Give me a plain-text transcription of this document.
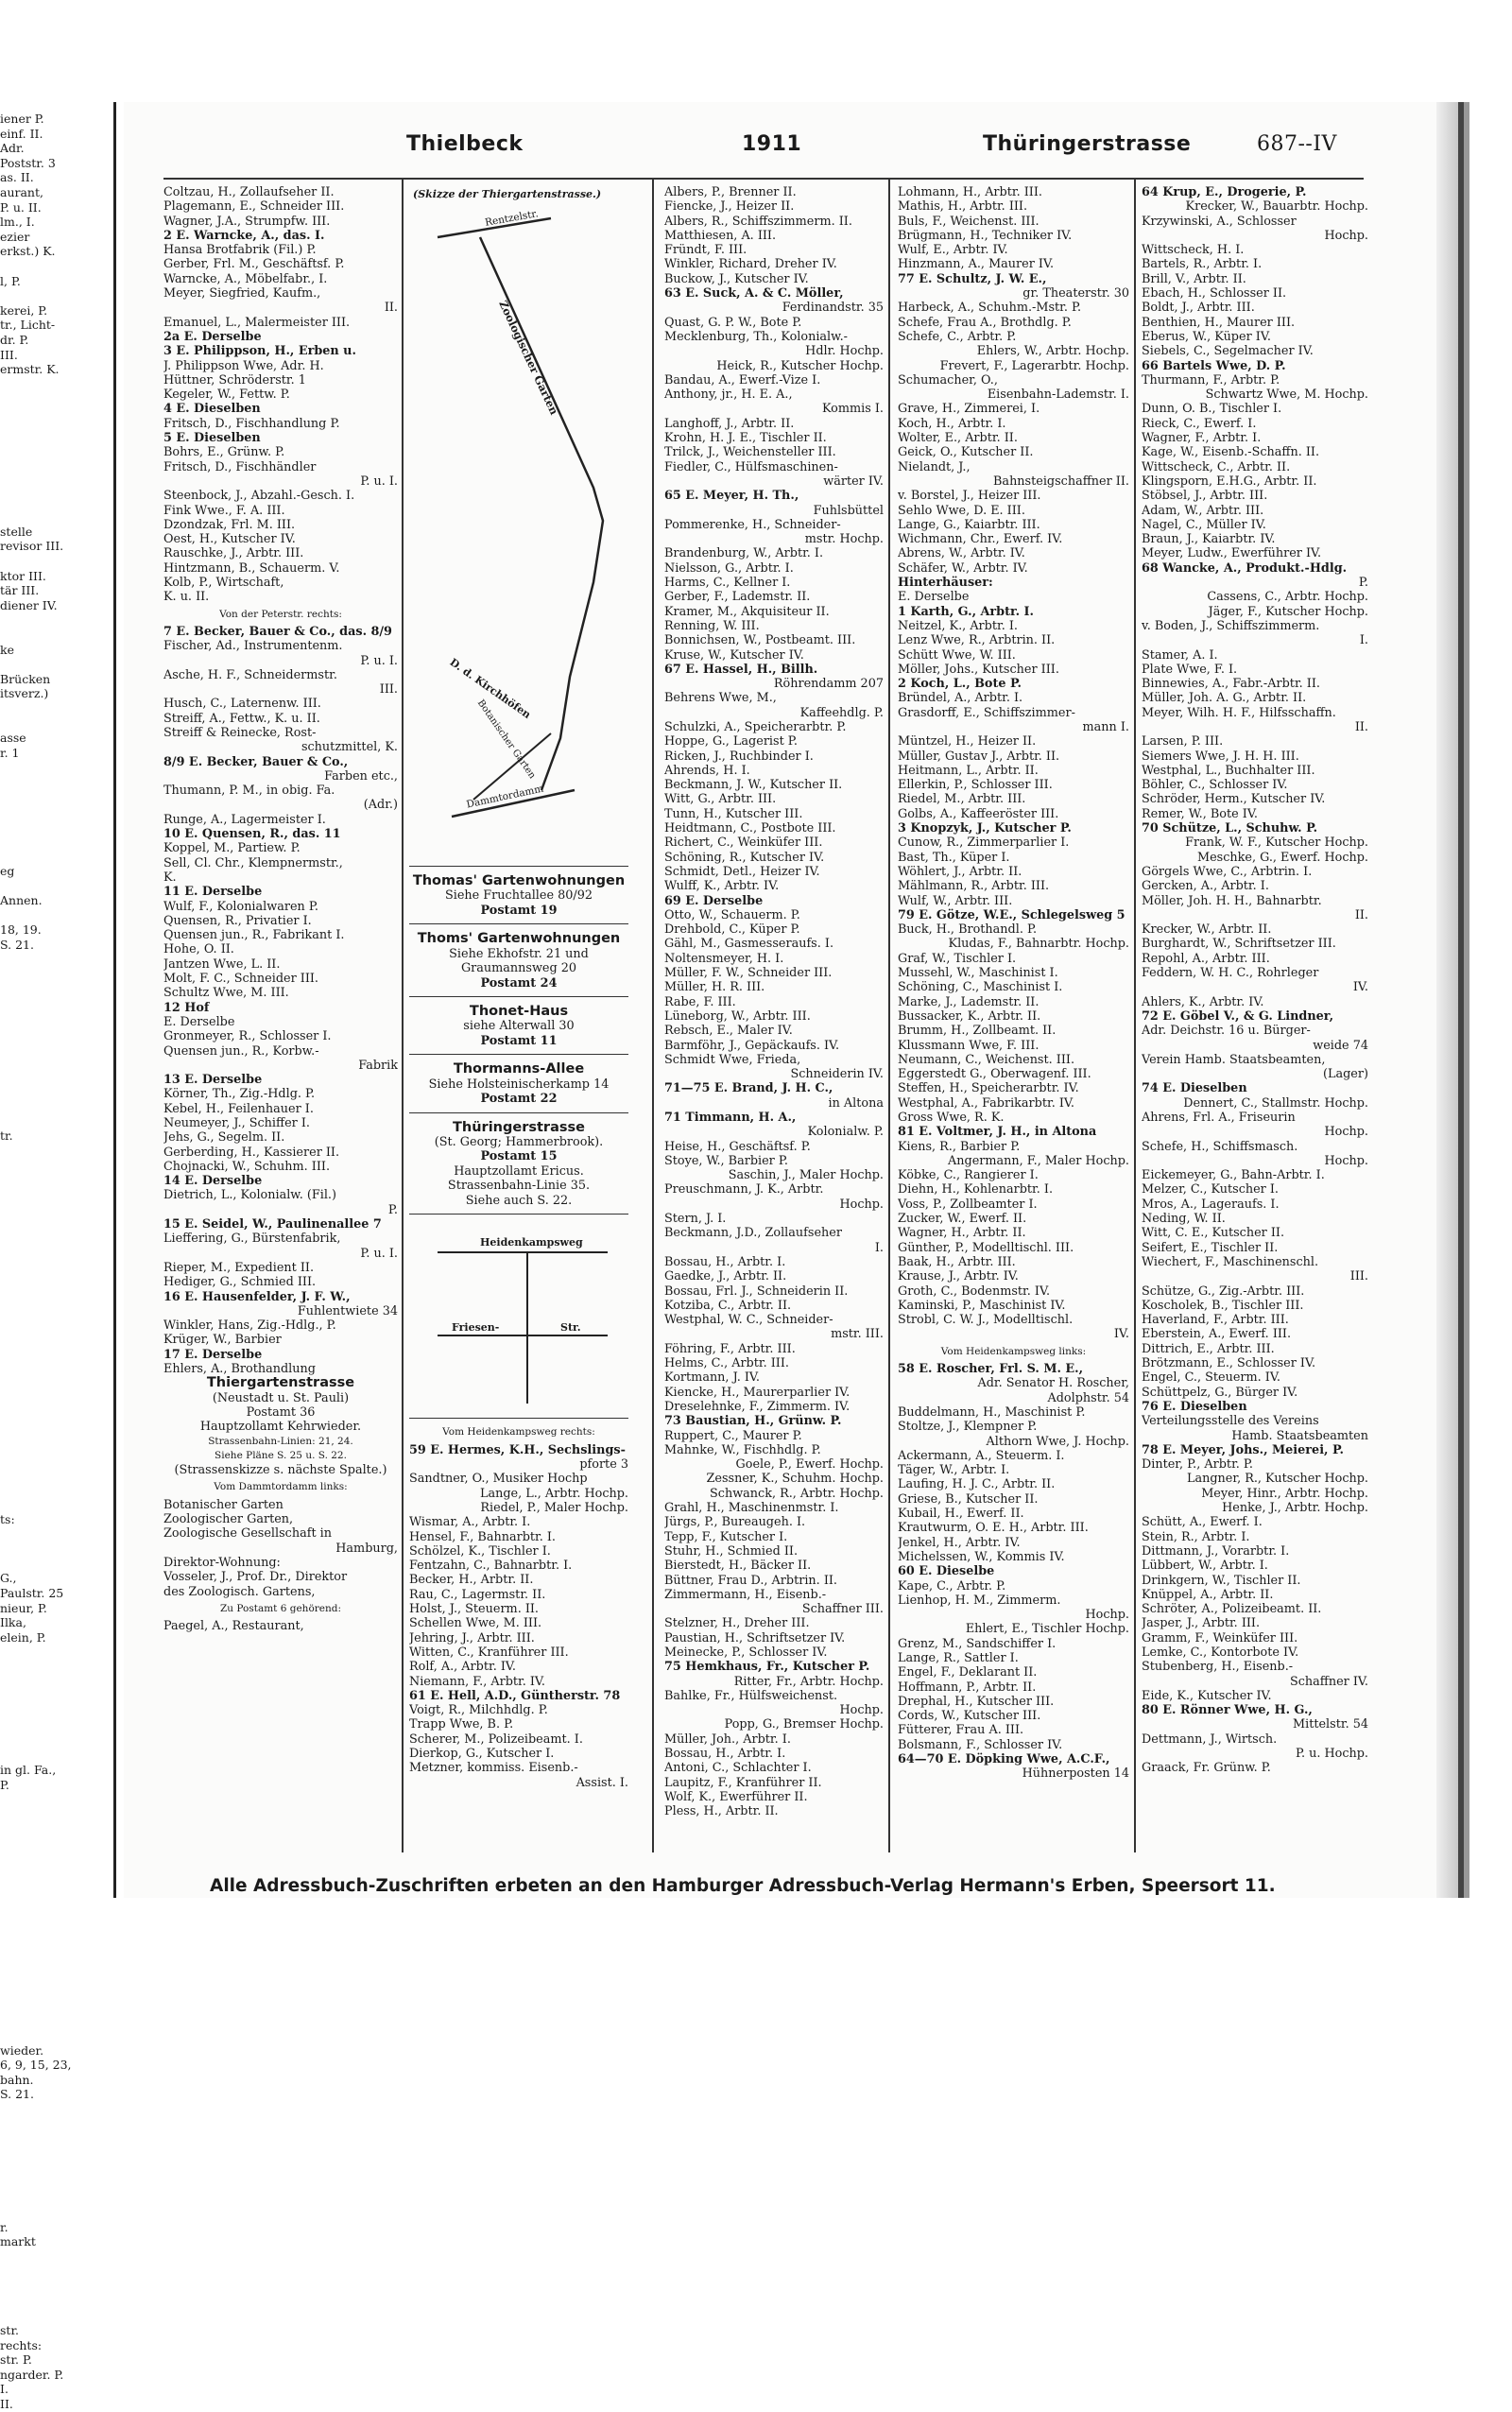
iener P.
einf. II.
Adr.
Poststr. 3
as. II.
aurant,
P. u. II.
lm., I.
ezier
erkst.) K.
l, P.
kerei, P.
tr., Licht-
dr. P.
III.
ermstr. K.
stelle
revisor III.
ktor III.
tär III.
diener IV.
ke
Brücken
itsverz.)
asse
r. 1
eg
Annen.
18, 19.
S. 21.
tr.
ts:
G.,
Paulstr. 25
nieur, P.
Ilka,
elein, P.
in gl. Fa.,
P.
wieder.
6, 9, 15, 23,
bahn.
S. 21.
r.
markt
str.
rechts:
str. P.
ngarder. P.
I.
II.
Thielbeck	1911	Thüringerstrasse	687--IV
Coltzau, H., Zollaufseher II.
Plagemann, E., Schneider III.
Wagner, J.A., Strumpfw. III.
2 E. Warncke, A., das. I.
Hansa Brotfabrik (Fil.) P.
Gerber, Frl. M., Geschäftsf. P.
Warncke, A., Möbelfabr., I.
Meyer, Siegfried, Kaufm.,
II.
Emanuel, L., Malermeister III.
2a E. Derselbe
3 E. Philippson, H., Erben u.
J. Philippson Wwe, Adr. H.
Hüttner, Schröderstr. 1
Kegeler, W., Fettw. P.
4 E. Dieselben
Fritsch, D., Fischhandlung P.
5 E. Dieselben
Bohrs, E., Grünw. P.
Fritsch, D., Fischhändler
P. u. I.
Steenbock, J., Abzahl.-Gesch. I.
Fink Wwe., F. A. III.
Dzondzak, Frl. M. III.
Oest, H., Kutscher IV.
Rauschke, J., Arbtr. III.
Hintzmann, B., Schauerm. V.
Kolb, P., Wirtschaft,
K. u. II.
Von der Peterstr. rechts:
7 E. Becker, Bauer & Co., das. 8/9
Fischer, Ad., Instrumentenm.
P. u. I.
Asche, H. F., Schneidermstr.
III.
Husch, C., Laternenw. III.
Streiff, A., Fettw., K. u. II.
Streiff & Reinecke, Rost-
schutzmittel, K.
8/9 E. Becker, Bauer & Co.,
Farben etc.,
Thumann, P. M., in obig. Fa.
(Adr.)
Runge, A., Lagermeister I.
10 E. Quensen, R., das. 11
Koppel, M., Partiew. P.
Sell, Cl. Chr., Klempnermstr.,
K.
11 E. Derselbe
Wulf, F., Kolonialwaren P.
Quensen, R., Privatier I.
Quensen jun., R., Fabrikant I.
Hohe, O. II.
Jantzen Wwe, L. II.
Molt, F. C., Schneider III.
Schultz Wwe, M. III.
12 Hof
E. Derselbe
Gronmeyer, R., Schlosser I.
Quensen jun., R., Korbw.-
Fabrik
13 E. Derselbe
Körner, Th., Zig.-Hdlg. P.
Kebel, H., Feilenhauer I.
Neumeyer, J., Schiffer I.
Jehs, G., Segelm. II.
Gerberding, H., Kassierer II.
Chojnacki, W., Schuhm. III.
14 E. Derselbe
Dietrich, L., Kolonialw. (Fil.)
P.
15 E. Seidel, W., Paulinenallee 7
Lieffering, G., Bürstenfabrik,
P. u. I.
Rieper, M., Expedient II.
Hediger, G., Schmied III.
16 E. Hausenfelder, J. F. W.,
Fuhlentwiete 34
Winkler, Hans, Zig.-Hdlg., P.
Krüger, W., Barbier
17 E. Derselbe
Ehlers, A., Brothandlung
Thiergartenstrasse
(Neustadt u. St. Pauli)
Postamt 36
Hauptzollamt Kehrwieder.
Strassenbahn-Linien: 21, 24.
Siehe Pläne S. 25 u. S. 22.
(Strassenskizze s. nächste Spalte.)
Vom Dammtordamm links:
Botanischer Garten
Zoologischer Garten,
Zoologische Gesellschaft in
Hamburg,
Direktor-Wohnung:
Vosseler, J., Prof. Dr., Direktor
des Zoologisch. Gartens,
Zu Postamt 6 gehörend:
Paegel, A., Restaurant,
(Skizze der Thiergartenstrasse.)
Rentzelstr.
Zoologischer Garten
D. d. Kirchhöfen
Botanischer Garten
Dammtordamm
Thomas' Gartenwohnungen
Siehe Fruchtallee 80/92
Postamt 19
Thoms' Gartenwohnungen
Siehe Ekhofstr. 21 und
Graumannsweg 20
Postamt 24
Thonet-Haus
siehe Alterwall 30
Postamt 11
Thormanns-Allee
Siehe Holsteinischerkamp 14
Postamt 22
Thüringerstrasse
(St. Georg; Hammerbrook).
Postamt 15
Hauptzollamt Ericus.
Strassenbahn-Linie 35.
Siehe auch S. 22.
Heidenkampsweg
Friesen-	Str.
Vom Heidenkampsweg rechts:
59 E. Hermes, K.H., Sechslings-
pforte 3
Sandtner, O., Musiker Hochp
Lange, L., Arbtr. Hochp.
Riedel, P., Maler Hochp.
Wismar, A., Arbtr. I.
Hensel, F., Bahnarbtr. I.
Schölzel, K., Tischler I.
Fentzahn, C., Bahnarbtr. I.
Becker, H., Arbtr. II.
Rau, C., Lagermstr. II.
Holst, J., Steuerm. II.
Schellen Wwe, M. III.
Jehring, J., Arbtr. III.
Witten, C., Kranführer III.
Rolf, A., Arbtr. IV.
Niemann, F., Arbtr. IV.
61 E. Hell, A.D., Güntherstr. 78
Voigt, R., Milchhdlg. P.
Trapp Wwe, B. P.
Scherer, M., Polizeibeamt. I.
Dierkop, G., Kutscher I.
Metzner, kommiss. Eisenb.-
Assist. I.
Albers, P., Brenner II.
Fiencke, J., Heizer II.
Albers, R., Schiffszimmerm. II.
Matthiesen, A. III.
Fründt, F. III.
Winkler, Richard, Dreher IV.
Buckow, J., Kutscher IV.
63 E. Suck, A. & C. Möller,
Ferdinandstr. 35
Quast, G. P. W., Bote P.
Mecklenburg, Th., Kolonialw.-
Hdlr. Hochp.
Heick, R., Kutscher Hochp.
Bandau, A., Ewerf.-Vize I.
Anthony, jr., H. E. A.,
Kommis I.
Langhoff, J., Arbtr. II.
Krohn, H. J. E., Tischler II.
Trilck, J., Weichensteller III.
Fiedler, C., Hülfsmaschinen-
wärter IV.
65 E. Meyer, H. Th.,
Fuhlsbüttel
Pommerenke, H., Schneider-
mstr. Hochp.
Brandenburg, W., Arbtr. I.
Nielsson, G., Arbtr. I.
Harms, C., Kellner I.
Gerber, F., Lademstr. II.
Kramer, M., Akquisiteur II.
Renning, W. III.
Bonnichsen, W., Postbeamt. III.
Kruse, W., Kutscher IV.
67 E. Hassel, H., Billh.
Röhrendamm 207
Behrens Wwe, M.,
Kaffeehdlg. P.
Schulzki, A., Speicherarbtr. P.
Hoppe, G., Lagerist P.
Ricken, J., Ruchbinder I.
Ahrends, H. I.
Beckmann, J. W., Kutscher II.
Witt, G., Arbtr. III.
Tunn, H., Kutscher III.
Heidtmann, C., Postbote III.
Richert, C., Weinküfer III.
Schöning, R., Kutscher IV.
Schmidt, Detl., Heizer IV.
Wulff, K., Arbtr. IV.
69 E. Derselbe
Otto, W., Schauerm. P.
Drehbold, C., Küper P.
Gähl, M., Gasmesseraufs. I.
Noltensmeyer, H. I.
Müller, F. W., Schneider III.
Müller, H. R. III.
Rabe, F. III.
Lüneborg, W., Arbtr. III.
Rebsch, E., Maler IV.
Barmföhr, J., Gepäckaufs. IV.
Schmidt Wwe, Frieda,
Schneiderin IV.
71—75 E. Brand, J. H. C.,
in Altona
71 Timmann, H. A.,
Kolonialw. P.
Heise, H., Geschäftsf. P.
Stoye, W., Barbier P.
Saschin, J., Maler Hochp.
Preuschmann, J. K., Arbtr.
Hochp.
Stern, J. I.
Beckmann, J.D., Zollaufseher
I.
Bossau, H., Arbtr. I.
Gaedke, J., Arbtr. II.
Bossau, Frl. J., Schneiderin II.
Kotziba, C., Arbtr. II.
Westphal, W. C., Schneider-
mstr. III.
Föhring, F., Arbtr. III.
Helms, C., Arbtr. III.
Kortmann, J. IV.
Kiencke, H., Maurerparlier IV.
Dreselehnke, F., Zimmerm. IV.
73 Baustian, H., Grünw. P.
Ruppert, C., Maurer P.
Mahnke, W., Fischhdlg. P.
Goele, P., Ewerf. Hochp.
Zessner, K., Schuhm. Hochp.
Schwanck, R., Arbtr. Hochp.
Grahl, H., Maschinenmstr. I.
Jürgs, P., Bureaugeh. I.
Tepp, F., Kutscher I.
Stuhr, H., Schmied II.
Bierstedt, H., Bäcker II.
Büttner, Frau D., Arbtrin. II.
Zimmermann, H., Eisenb.-
Schaffner III.
Stelzner, H., Dreher III.
Paustian, H., Schriftsetzer IV.
Meinecke, P., Schlosser IV.
75 Hemkhaus, Fr., Kutscher P.
Ritter, Fr., Arbtr. Hochp.
Bahlke, Fr., Hülfsweichenst.
Hochp.
Popp, G., Bremser Hochp.
Müller, Joh., Arbtr. I.
Bossau, H., Arbtr. I.
Antoni, C., Schlachter I.
Laupitz, F., Kranführer II.
Wolf, K., Ewerführer II.
Pless, H., Arbtr. II.
Lohmann, H., Arbtr. III.
Mathis, H., Arbtr. III.
Buls, F., Weichenst. III.
Brügmann, H., Techniker IV.
Wulf, E., Arbtr. IV.
Hinzmann, A., Maurer IV.
77 E. Schultz, J. W. E.,
gr. Theaterstr. 30
Harbeck, A., Schuhm.-Mstr. P.
Schefe, Frau A., Brothdlg. P.
Schefe, C., Arbtr. P.
Ehlers, W., Arbtr. Hochp.
Frevert, F., Lagerarbtr. Hochp.
Schumacher, O.,
Eisenbahn-Lademstr. I.
Grave, H., Zimmerei, I.
Koch, H., Arbtr. I.
Wolter, E., Arbtr. II.
Geick, O., Kutscher II.
Nielandt, J.,
Bahnsteigschaffner II.
v. Borstel, J., Heizer III.
Sehlo Wwe, D. E. III.
Lange, G., Kaiarbtr. III.
Wichmann, Chr., Ewerf. IV.
Abrens, W., Arbtr. IV.
Schäfer, W., Arbtr. IV.
Hinterhäuser:
E. Derselbe
1 Karth, G., Arbtr. I.
Neitzel, K., Arbtr. I.
Lenz Wwe, R., Arbtrin. II.
Schütt Wwe, W. III.
Möller, Johs., Kutscher III.
2 Koch, L., Bote P.
Bründel, A., Arbtr. I.
Grasdorff, E., Schiffszimmer-
mann I.
Müntzel, H., Heizer II.
Müller, Gustav J., Arbtr. II.
Heitmann, L., Arbtr. II.
Ellerkin, P., Schlosser III.
Riedel, M., Arbtr. III.
Golbs, A., Kaffeeröster III.
3 Knopzyk, J., Kutscher P.
Cunow, R., Zimmerparlier I.
Bast, Th., Küper I.
Wöhlert, J., Arbtr. II.
Mählmann, R., Arbtr. III.
Wulf, W., Arbtr. III.
79 E. Götze, W.E., Schlegelsweg 5
Buck, H., Brothandl. P.
Kludas, F., Bahnarbtr. Hochp.
Graf, W., Tischler I.
Mussehl, W., Maschinist I.
Schöning, C., Maschinist I.
Marke, J., Lademstr. II.
Bussacker, K., Arbtr. II.
Brumm, H., Zollbeamt. II.
Klussmann Wwe, F. III.
Neumann, C., Weichenst. III.
Eggerstedt G., Oberwagenf. III.
Steffen, H., Speicherarbtr. IV.
Westphal, A., Fabrikarbtr. IV.
Gross Wwe, R. K.
81 E. Voltmer, J. H., in Altona
Kiens, R., Barbier P.
Angermann, F., Maler Hochp.
Köbke, C., Rangierer I.
Diehn, H., Kohlenarbtr. I.
Voss, P., Zollbeamter I.
Zucker, W., Ewerf. II.
Wagner, H., Arbtr. II.
Günther, P., Modelltischl. III.
Baak, H., Arbtr. III.
Krause, J., Arbtr. IV.
Groth, C., Bodenmstr. IV.
Kaminski, P., Maschinist IV.
Strobl, C. W. J., Modelltischl.
IV.
Vom Heidenkampsweg links:
58 E. Roscher, Frl. S. M. E.,
Adr. Senator H. Roscher,
Adolphstr. 54
Buddelmann, H., Maschinist P.
Stoltze, J., Klempner P.
Althorn Wwe, J. Hochp.
Ackermann, A., Steuerm. I.
Täger, W., Arbtr. I.
Laufing, H. J. C., Arbtr. II.
Griese, B., Kutscher II.
Kubail, H., Ewerf. II.
Krautwurm, O. E. H., Arbtr. III.
Jenkel, H., Arbtr. IV.
Michelssen, W., Kommis IV.
60 E. Dieselbe
Kape, C., Arbtr. P.
Lienhop, H. M., Zimmerm.
Hochp.
Ehlert, E., Tischler Hochp.
Grenz, M., Sandschiffer I.
Lange, R., Sattler I.
Engel, F., Deklarant II.
Hoffmann, P., Arbtr. II.
Drephal, H., Kutscher III.
Cords, W., Kutscher III.
Fütterer, Frau A. III.
Bolsmann, F., Schlosser IV.
64—70 E. Döpking Wwe, A.C.F.,
Hühnerposten 14
64 Krup, E., Drogerie, P.
Krecker, W., Bauarbtr. Hochp.
Krzywinski, A., Schlosser
Hochp.
Wittscheck, H. I.
Bartels, R., Arbtr. I.
Brill, V., Arbtr. II.
Ebach, H., Schlosser II.
Boldt, J., Arbtr. III.
Benthien, H., Maurer III.
Eberus, W., Küper IV.
Siebels, C., Segelmacher IV.
66 Bartels Wwe, D. P.
Thurmann, F., Arbtr. P.
Schwartz Wwe, M. Hochp.
Dunn, O. B., Tischler I.
Rieck, C., Ewerf. I.
Wagner, F., Arbtr. I.
Kage, W., Eisenb.-Schaffn. II.
Wittscheck, C., Arbtr. II.
Klingsporn, E.H.G., Arbtr. II.
Stöbsel, J., Arbtr. III.
Adam, W., Arbtr. III.
Nagel, C., Müller IV.
Braun, J., Kaiarbtr. IV.
Meyer, Ludw., Ewerführer IV.
68 Wancke, A., Produkt.-Hdlg.
P.
Cassens, C., Arbtr. Hochp.
Jäger, F., Kutscher Hochp.
v. Boden, J., Schiffszimmerm.
I.
Stamer, A. I.
Plate Wwe, F. I.
Binnewies, A., Fabr.-Arbtr. II.
Müller, Joh. A. G., Arbtr. II.
Meyer, Wilh. H. F., Hilfsschaffn.
II.
Larsen, P. III.
Siemers Wwe, J. H. H. III.
Westphal, L., Buchhalter III.
Böhler, C., Schlosser IV.
Schröder, Herm., Kutscher IV.
Remer, W., Bote IV.
70 Schütze, L., Schuhw. P.
Frank, W. F., Kutscher Hochp.
Meschke, G., Ewerf. Hochp.
Görgels Wwe, C., Arbtrin. I.
Gercken, A., Arbtr. I.
Möller, Joh. H. H., Bahnarbtr.
II.
Krecker, W., Arbtr. II.
Burghardt, W., Schriftsetzer III.
Repohl, A., Arbtr. III.
Feddern, W. H. C., Rohrleger
IV.
Ahlers, K., Arbtr. IV.
72 E. Göbel V., & G. Lindner,
Adr. Deichstr. 16 u. Bürger-
weide 74
Verein Hamb. Staatsbeamten,
(Lager)
74 E. Dieselben
Dennert, C., Stallmstr. Hochp.
Ahrens, Frl. A., Friseurin
Hochp.
Schefe, H., Schiffsmasch.
Hochp.
Eickemeyer, G., Bahn-Arbtr. I.
Melzer, C., Kutscher I.
Mros, A., Lageraufs. I.
Neding, W. II.
Witt, C. E., Kutscher II.
Seifert, E., Tischler II.
Wiechert, F., Maschinenschl.
III.
Schütze, G., Zig.-Arbtr. III.
Koscholek, B., Tischler III.
Haverland, F., Arbtr. III.
Eberstein, A., Ewerf. III.
Dittrich, E., Arbtr. III.
Brötzmann, E., Schlosser IV.
Engel, C., Steuerm. IV.
Schüttpelz, G., Bürger IV.
76 E. Dieselben
Verteilungsstelle des Vereins
Hamb. Staatsbeamten
78 E. Meyer, Johs., Meierei, P.
Dinter, P., Arbtr. P.
Langner, R., Kutscher Hochp.
Meyer, Hinr., Arbtr. Hochp.
Henke, J., Arbtr. Hochp.
Schütt, A., Ewerf. I.
Stein, R., Arbtr. I.
Dittmann, J., Vorarbtr. I.
Lübbert, W., Arbtr. I.
Drinkgern, W., Tischler II.
Knüppel, A., Arbtr. II.
Schröter, A., Polizeibeamt. II.
Jasper, J., Arbtr. III.
Gramm, F., Weinküfer III.
Lemke, C., Kontorbote IV.
Stubenberg, H., Eisenb.-
Schaffner IV.
Eide, K., Kutscher IV.
80 E. Rönner Wwe, H. G.,
Mittelstr. 54
Dettmann, J., Wirtsch.
P. u. Hochp.
Graack, Fr. Grünw. P.
Alle Adressbuch-Zuschriften erbeten an den Hamburger Adressbuch-Verlag Hermann's Erben, Speersort 11.
